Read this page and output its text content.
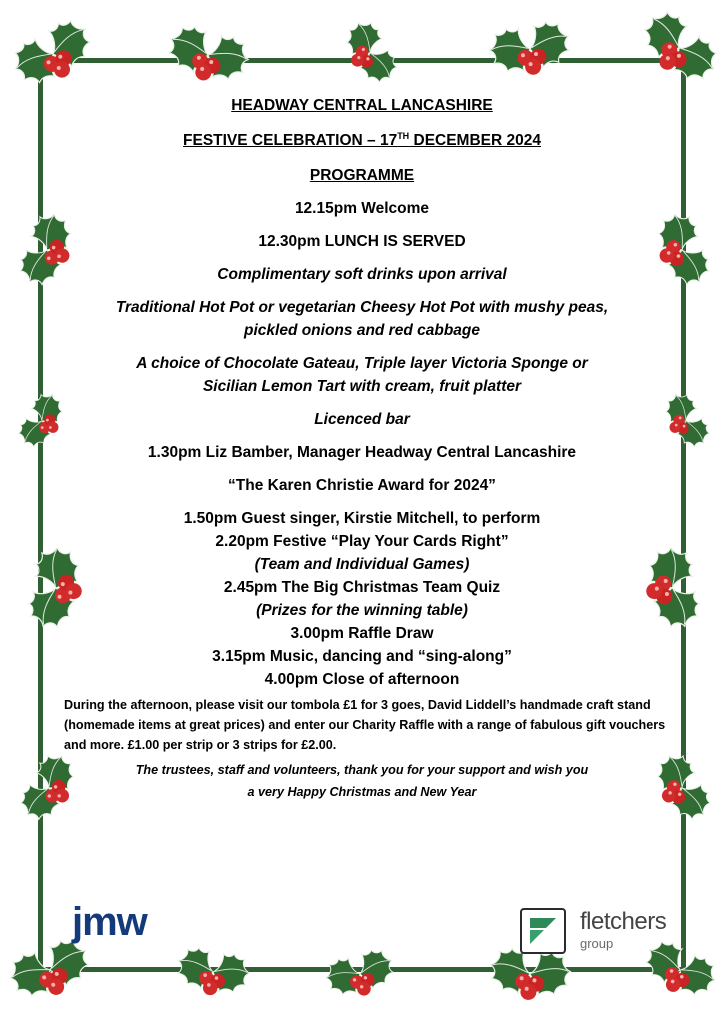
HEADWAY CENTRAL LANCASHIRE
FESTIVE CELEBRATION – 17TH DECEMBER 2024
PROGRAMME
12.15pm Welcome
12.30pm LUNCH IS SERVED
Complimentary soft drinks upon arrival
Traditional Hot Pot or vegetarian Cheesy Hot Pot with mushy peas,
pickled onions and red cabbage
A choice of Chocolate Gateau, Triple layer Victoria Sponge or
Sicilian Lemon Tart with cream, fruit platter
Licenced bar
1.30pm Liz Bamber, Manager Headway Central Lancashire
“The Karen Christie Award for 2024”
1.50pm Guest singer, Kirstie Mitchell, to perform
2.20pm Festive “Play Your Cards Right”
(Team and Individual Games)
2.45pm The Big Christmas Team Quiz
(Prizes for the winning table)
3.00pm Raffle Draw
3.15pm Music, dancing and “sing-along”
4.00pm Close of afternoon
During the afternoon, please visit our tombola £1 for 3 goes, David Liddell’s handmade craft stand (homemade items at great prices) and enter our Charity Raffle with a range of fabulous gift vouchers and more. £1.00 per strip or 3 strips for £2.00.
The trustees, staff and volunteers, thank you for your support and wish you
a very Happy Christmas and New Year
jmw	fletchers
group
